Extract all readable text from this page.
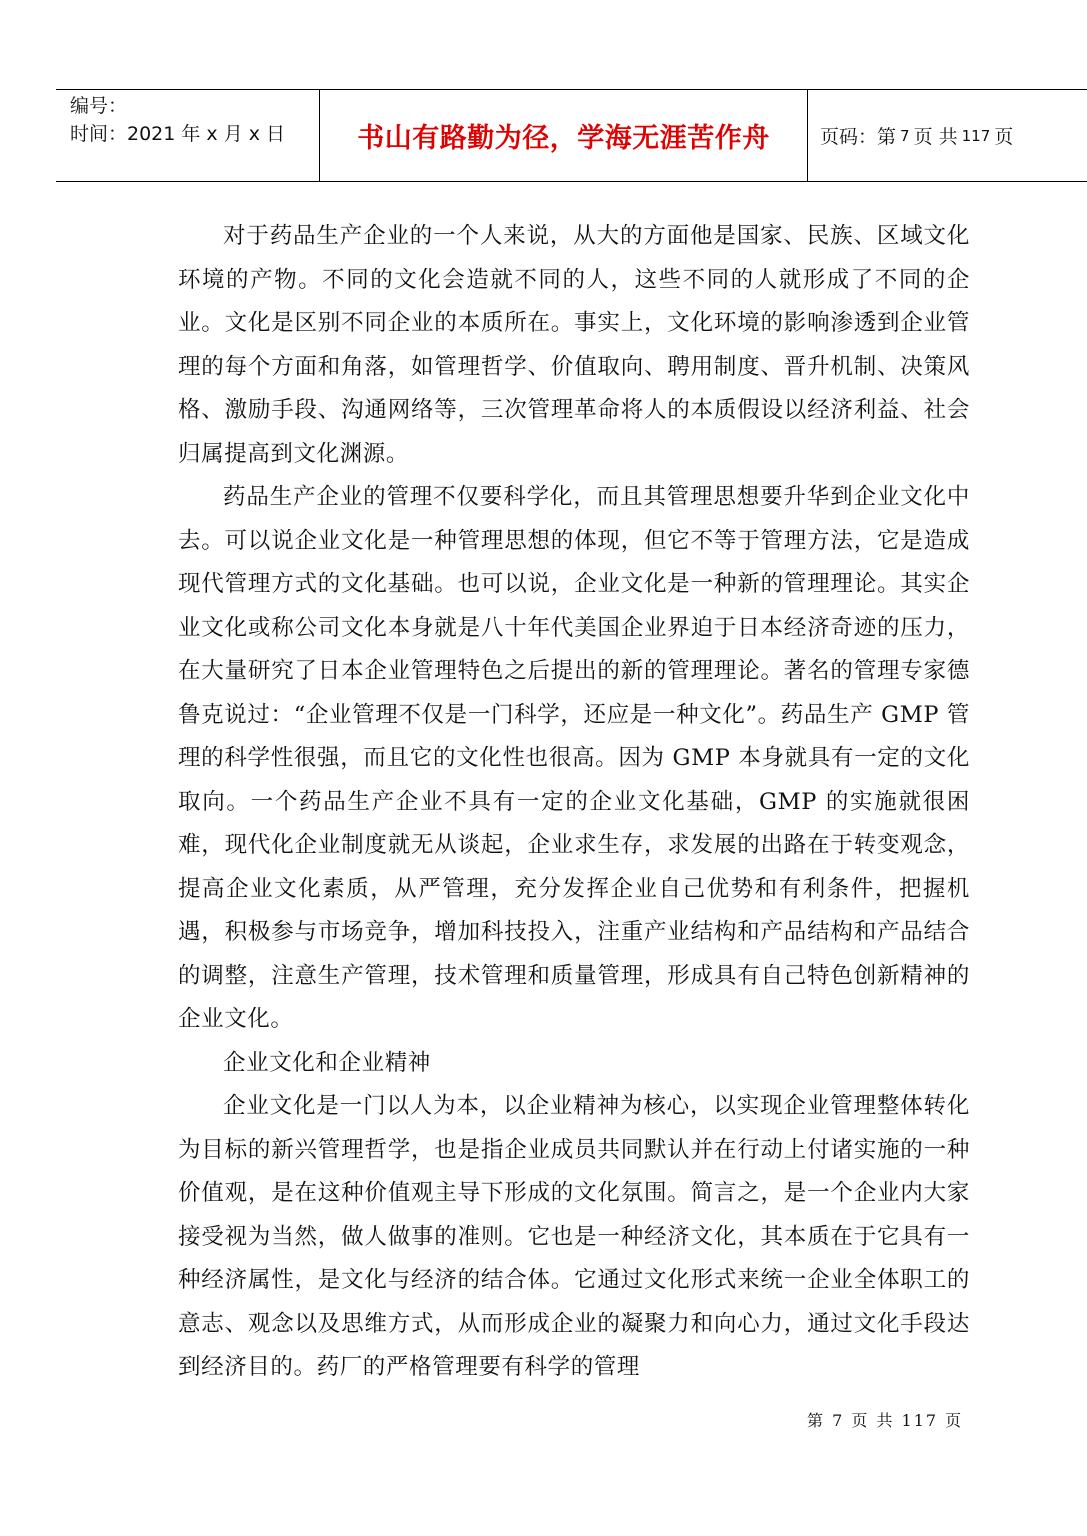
编号：
时间：2021 年 x 月 x 日	书山有路勤为径，学海无涯苦作舟	页码：第 7 页 共 117 页

对于药品生产企业的一个人来说，从大的方面他是国家、民族、区域文化环境的产物。不同的文化会造就不同的人，这些不同的人就形成了不同的企业。文化是区别不同企业的本质所在。事实上，文化环境的影响渗透到企业管理的每个方面和角落，如管理哲学、价值取向、聘用制度、晋升机制、决策风格、激励手段、沟通网络等，三次管理革命将人的本质假设以经济利益、社会归属提高到文化渊源。

药品生产企业的管理不仅要科学化，而且其管理思想要升华到企业文化中去。可以说企业文化是一种管理思想的体现，但它不等于管理方法，它是造成现代管理方式的文化基础。也可以说，企业文化是一种新的管理理论。其实企业文化或称公司文化本身就是八十年代美国企业界迫于日本经济奇迹的压力，在大量研究了日本企业管理特色之后提出的新的管理理论。著名的管理专家德鲁克说过：“企业管理不仅是一门科学，还应是一种文化”。药品生产 GMP 管理的科学性很强，而且它的文化性也很高。因为 GMP 本身就具有一定的文化取向。一个药品生产企业不具有一定的企业文化基础，GMP 的实施就很困难，现代化企业制度就无从谈起，企业求生存，求发展的出路在于转变观念，提高企业文化素质，从严管理，充分发挥企业自己优势和有利条件，把握机遇，积极参与市场竞争，增加科技投入，注重产业结构和产品结构和产品结合的调整，注意生产管理，技术管理和质量管理，形成具有自己特色创新精神的企业文化。

企业文化和企业精神

企业文化是一门以人为本，以企业精神为核心，以实现企业管理整体转化为目标的新兴管理哲学，也是指企业成员共同默认并在行动上付诸实施的一种价值观，是在这种价值观主导下形成的文化氛围。简言之，是一个企业内大家接受视为当然，做人做事的准则。它也是一种经济文化，其本质在于它具有一种经济属性，是文化与经济的结合体。它通过文化形式来统一企业全体职工的意志、观念以及思维方式，从而形成企业的凝聚力和向心力，通过文化手段达到经济目的。药厂的严格管理要有科学的管理

第 7 页 共 117 页
